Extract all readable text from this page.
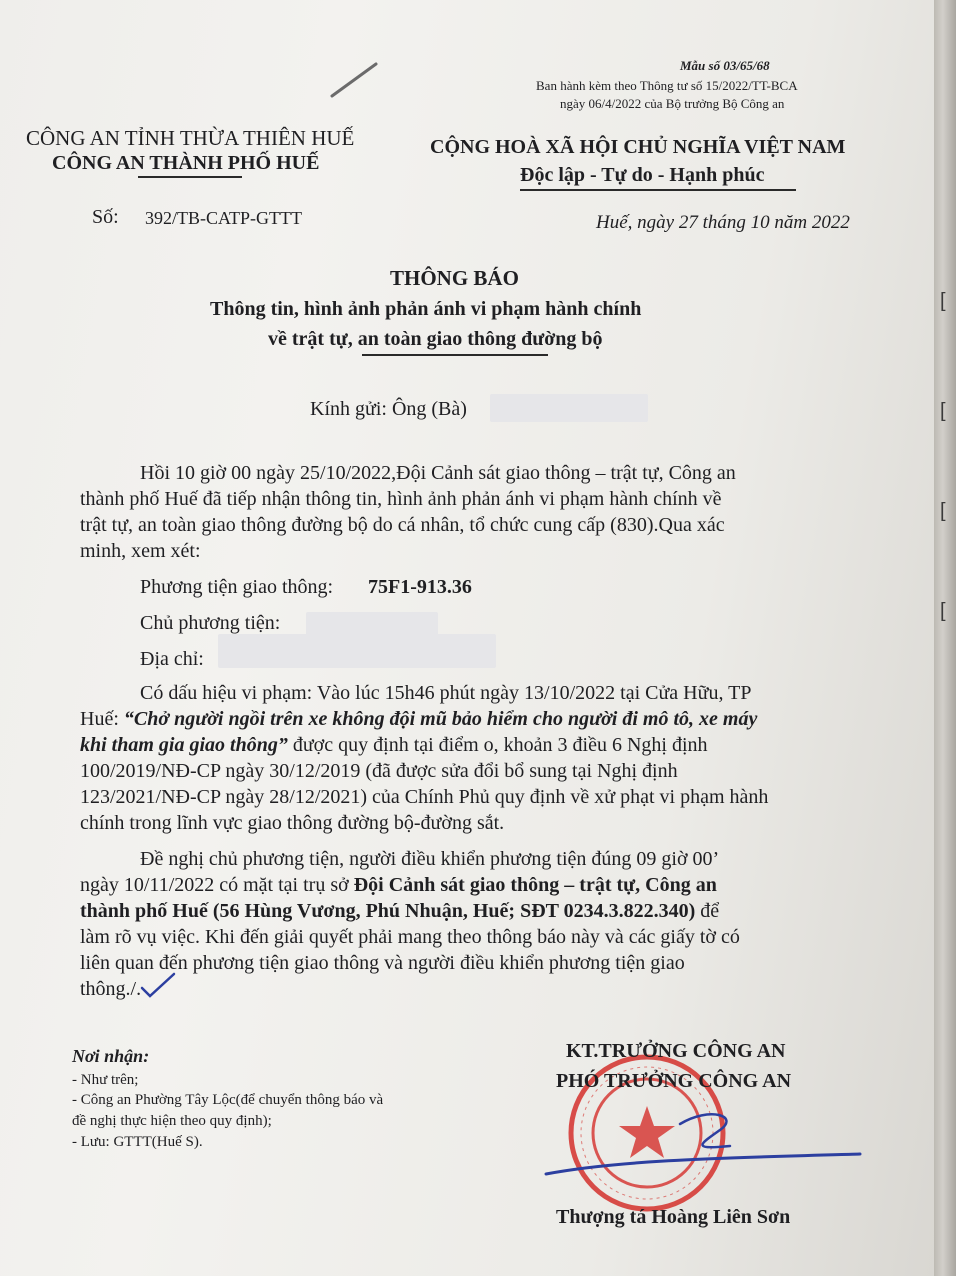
Mẫu số 03/65/68
Ban hành kèm theo Thông tư số 15/2022/TT-BCA
ngày 06/4/2022 của Bộ trưởng Bộ Công an
CÔNG AN TỈNH THỪA THIÊN HUẾ
CÔNG AN THÀNH PHỐ HUẾ
CỘNG HOÀ XÃ HỘI CHỦ NGHĨA VIỆT NAM
Độc lập - Tự do - Hạnh phúc
Số: 392/TB-CATP-GTTT	Huế, ngày 27 tháng 10 năm 2022
THÔNG BÁO
Thông tin, hình ảnh phản ánh vi phạm hành chính
về trật tự, an toàn giao thông đường bộ
Kính gửi: Ông (Bà)
Hồi 10 giờ 00 ngày 25/10/2022,Đội Cảnh sát giao thông – trật tự, Công an
thành phố Huế đã tiếp nhận thông tin, hình ảnh phản ánh vi phạm hành chính về
trật tự, an toàn giao thông đường bộ do cá nhân, tổ chức cung cấp (830).Qua xác
minh, xem xét:
Phương tiện giao thông: 75F1-913.36
Chủ phương tiện:
Địa chỉ:
Có dấu hiệu vi phạm: Vào lúc 15h46 phút ngày 13/10/2022 tại Cửa Hữu, TP
Huế: “Chở người ngồi trên xe không đội mũ bảo hiểm cho người đi mô tô, xe máy
khi tham gia giao thông” được quy định tại điểm o, khoản 3 điều 6 Nghị định
100/2019/NĐ-CP ngày 30/12/2019 (đã được sửa đổi bổ sung tại Nghị định
123/2021/NĐ-CP ngày 28/12/2021) của Chính Phủ quy định về xử phạt vi phạm hành
chính trong lĩnh vực giao thông đường bộ-đường sắt.
Đề nghị chủ phương tiện, người điều khiển phương tiện đúng 09 giờ 00’
ngày 10/11/2022 có mặt tại trụ sở Đội Cảnh sát giao thông – trật tự, Công an
thành phố Huế (56 Hùng Vương, Phú Nhuận, Huế; SĐT 0234.3.822.340) để
làm rõ vụ việc. Khi đến giải quyết phải mang theo thông báo này và các giấy tờ có
liên quan đến phương tiện giao thông và người điều khiển phương tiện giao
thông./.
Nơi nhận:
- Như trên;
- Công an Phường Tây Lộc(để chuyển thông báo và
đề nghị thực hiện theo quy định);
- Lưu: GTTT(Huế S).
KT.TRƯỞNG CÔNG AN
PHÓ TRƯỞNG CÔNG AN
Thượng tá Hoàng Liên Sơn
[
[
[
[
